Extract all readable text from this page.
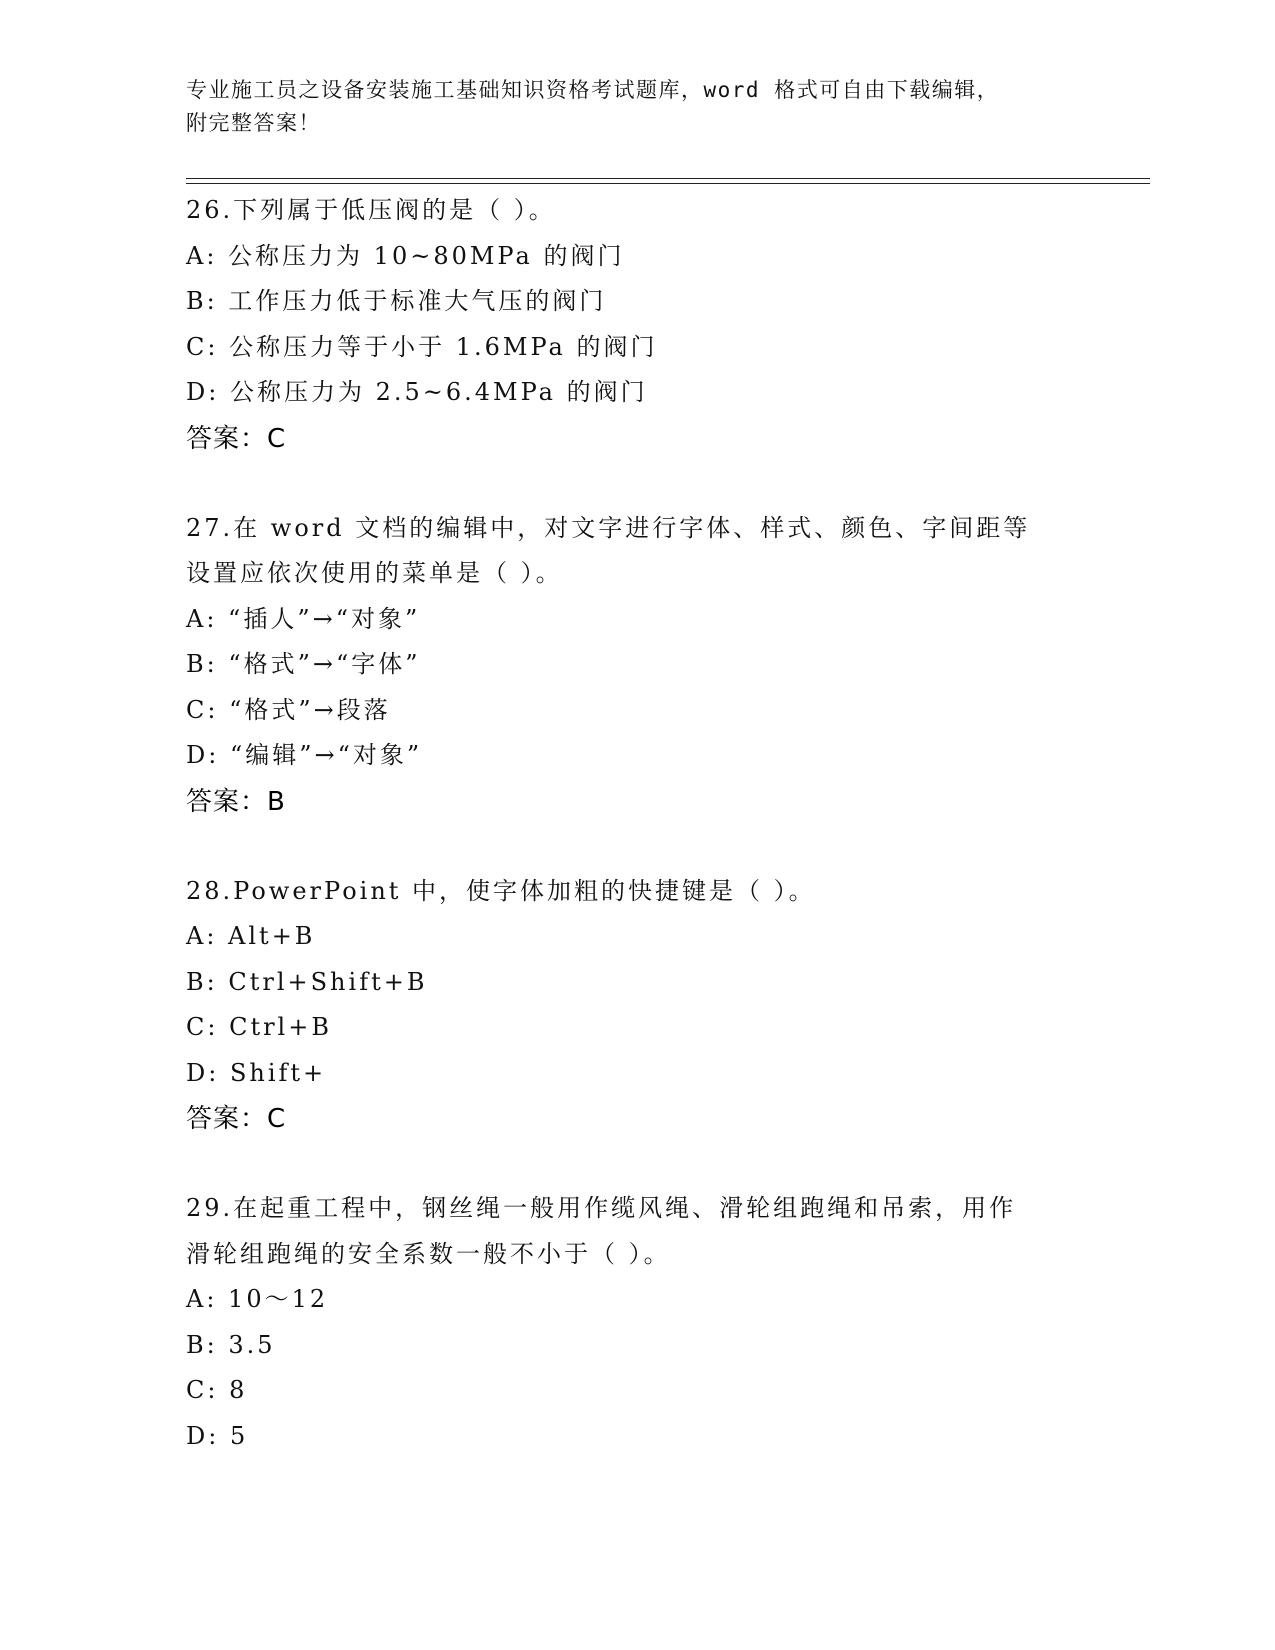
专业施工员之设备安装施工基础知识资格考试题库，word 格式可自由下载编辑，
附完整答案！
26.下列属于低压阀的是（ ）。
A: 公称压力为 10~80MPa 的阀门
B: 工作压力低于标准大气压的阀门
C: 公称压力等于小于 1.6MPa 的阀门
D: 公称压力为 2.5~6.4MPa 的阀门
答案：C
27.在 word 文档的编辑中，对文字进行字体、样式、颜色、字间距等
设置应依次使用的菜单是（ ）。
A: “插人”→“对象”
B: “格式”→“字体”
C: “格式”→段落
D: “编辑”→“对象”
答案：B
28.PowerPoint 中，使字体加粗的快捷键是（ ）。
A: Alt+B
B: Ctrl+Shift+B
C: Ctrl+B
D: Shift+
答案：C
29.在起重工程中，钢丝绳一般用作缆风绳、滑轮组跑绳和吊索，用作
滑轮组跑绳的安全系数一般不小于（ ）。
A: 10～12
B: 3.5
C: 8
D: 5
